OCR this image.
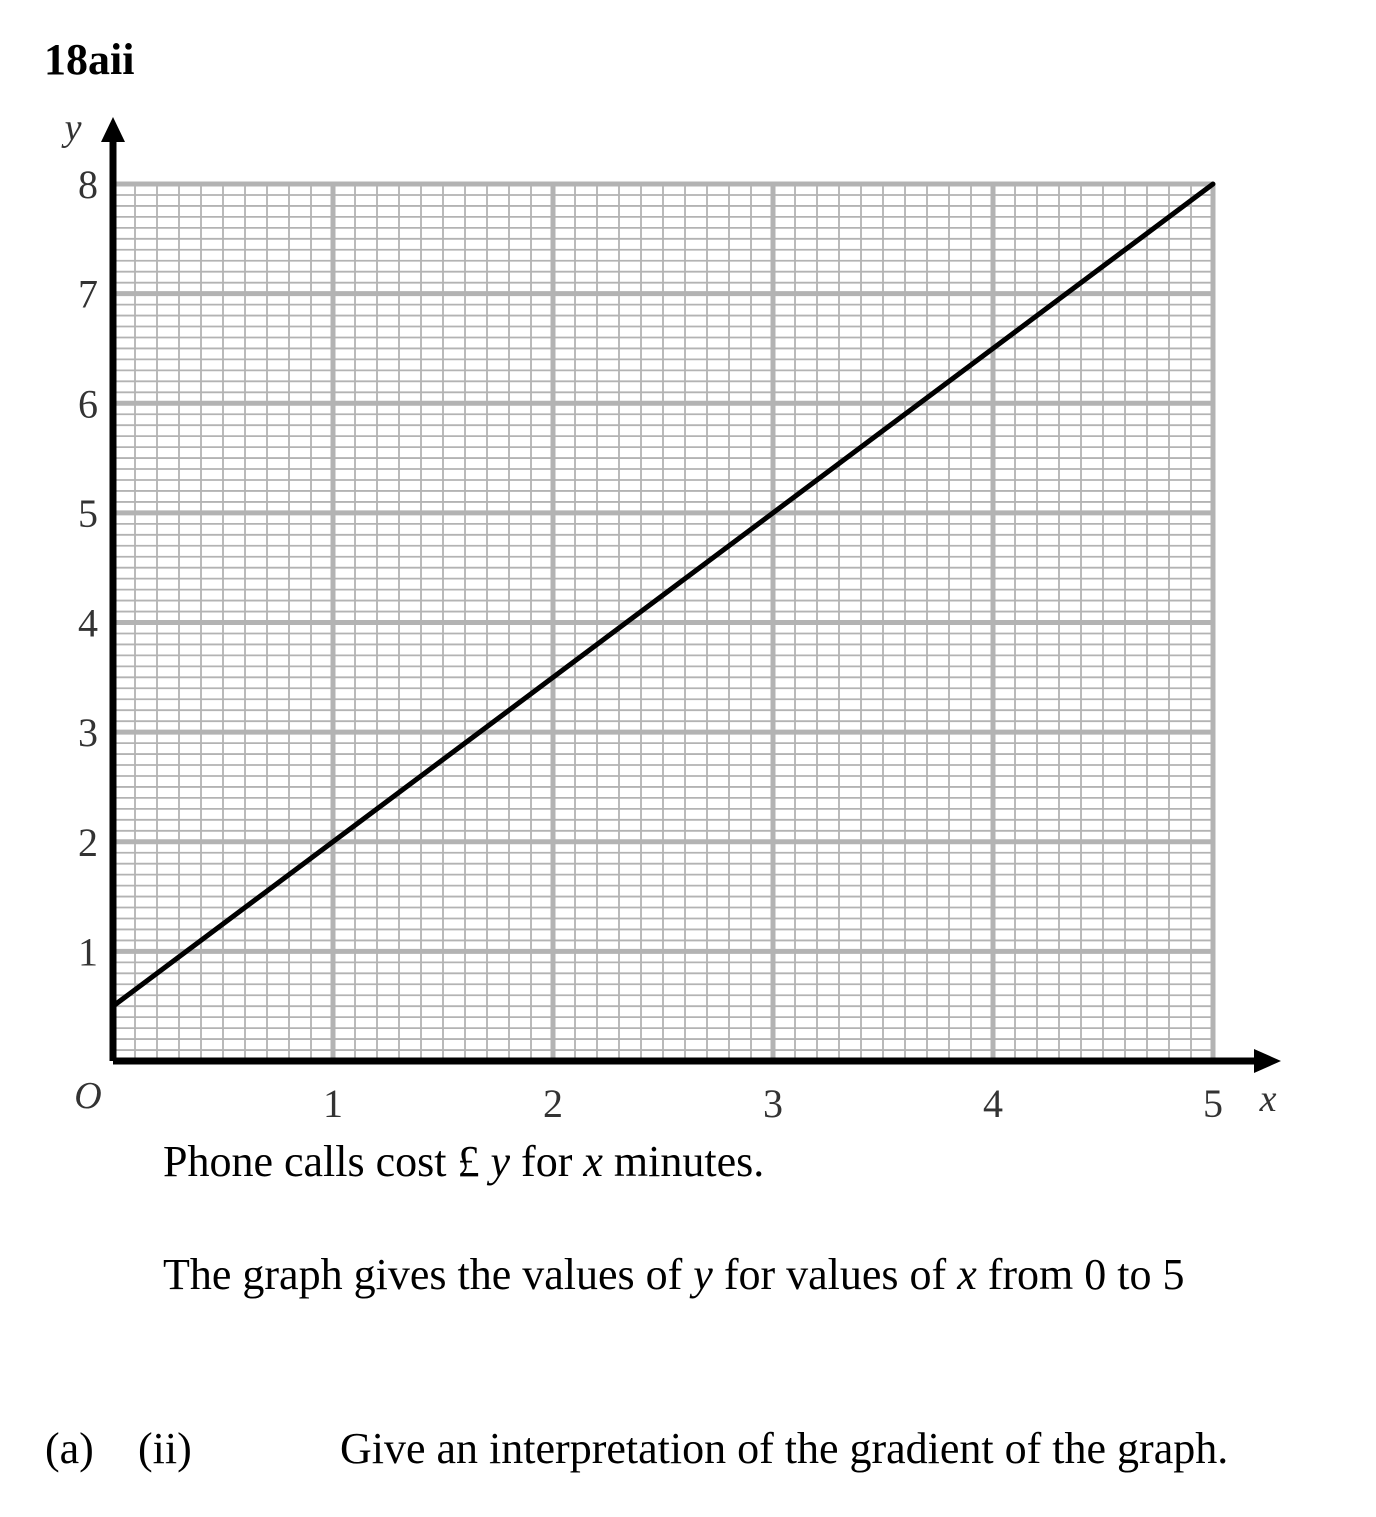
18aii
1	2	3	4	5
1
2
3
4
5
6
7
8
O	x
y
Phone calls cost £ y for x minutes.
The graph gives the values of y for values of x from 0 to 5
(a) (ii)	Give an interpretation of the gradient of the graph.
